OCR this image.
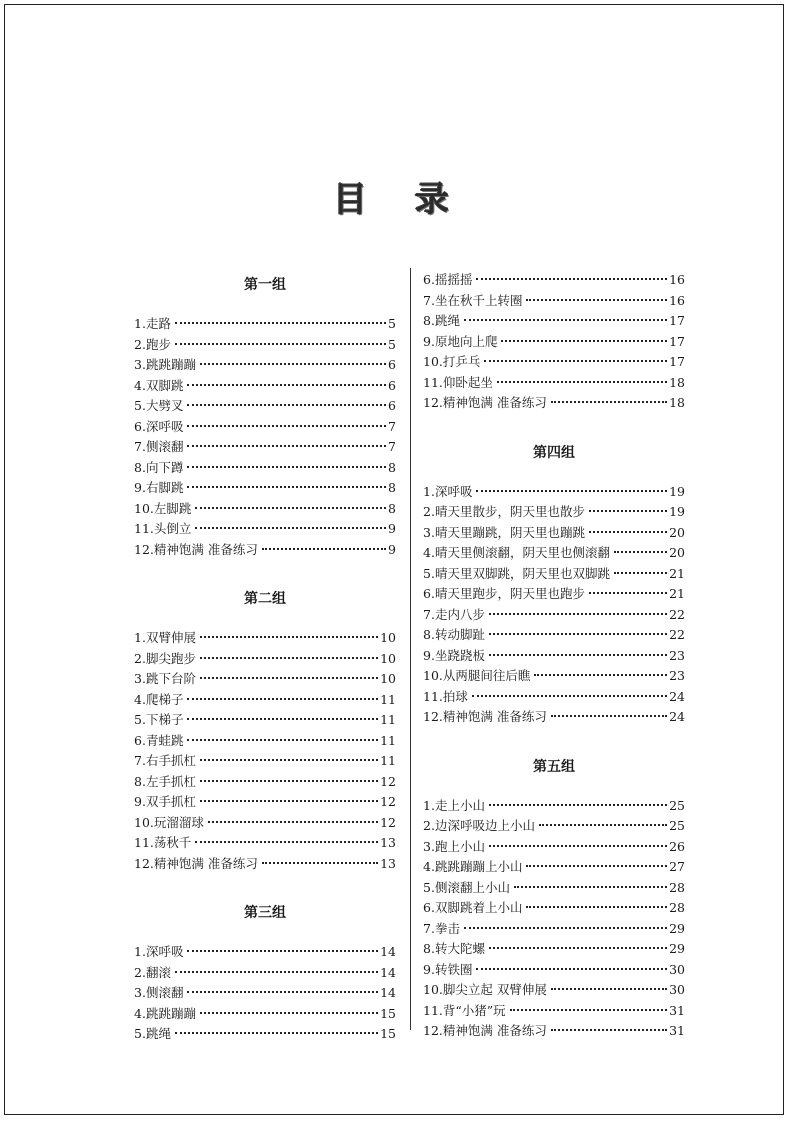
目 录
第一组
1. 走路	5
2. 跑步	5
3. 跳跳蹦蹦	6
4. 双脚跳	6
5. 大劈叉	6
6. 深呼吸	7
7. 侧滚翻	7
8. 向下蹲	8
9. 右脚跳	8
10. 左脚跳	8
11. 头倒立	9
12. 精神饱满 准备练习	9
第二组
1. 双臂伸展	10
2. 脚尖跑步	10
3. 跳下台阶	10
4. 爬梯子	11
5. 下梯子	11
6. 青蛙跳	11
7. 右手抓杠	11
8. 左手抓杠	12
9. 双手抓杠	12
10. 玩溜溜球	12
11. 荡秋千	13
12. 精神饱满 准备练习	13
第三组
1. 深呼吸	14
2. 翻滚	14
3. 侧滚翻	14
4. 跳跳蹦蹦	15
5. 跳绳	15
6. 摇摇摇	16
7. 坐在秋千上转圈	16
8. 跳绳	17
9. 原地向上爬	17
10. 打乒乓	17
11. 仰卧起坐	18
12. 精神饱满 准备练习	18
第四组
1. 深呼吸	19
2. 晴天里散步，阴天里也散步	19
3. 晴天里蹦跳，阴天里也蹦跳	20
4. 晴天里侧滚翻，阴天里也侧滚翻	20
5. 晴天里双脚跳，阴天里也双脚跳	21
6. 晴天里跑步，阴天里也跑步	21
7. 走内八步	22
8. 转动脚趾	22
9. 坐跷跷板	23
10. 从两腿间往后瞧	23
11. 拍球	24
12. 精神饱满 准备练习	24
第五组
1. 走上小山	25
2. 边深呼吸边上小山	25
3. 跑上小山	26
4. 跳跳蹦蹦上小山	27
5. 侧滚翻上小山	28
6. 双脚跳着上小山	28
7. 拳击	29
8. 转大陀螺	29
9. 转铁圈	30
10. 脚尖立起 双臂伸展	30
11. 背“小猪”玩	31
12. 精神饱满 准备练习	31
